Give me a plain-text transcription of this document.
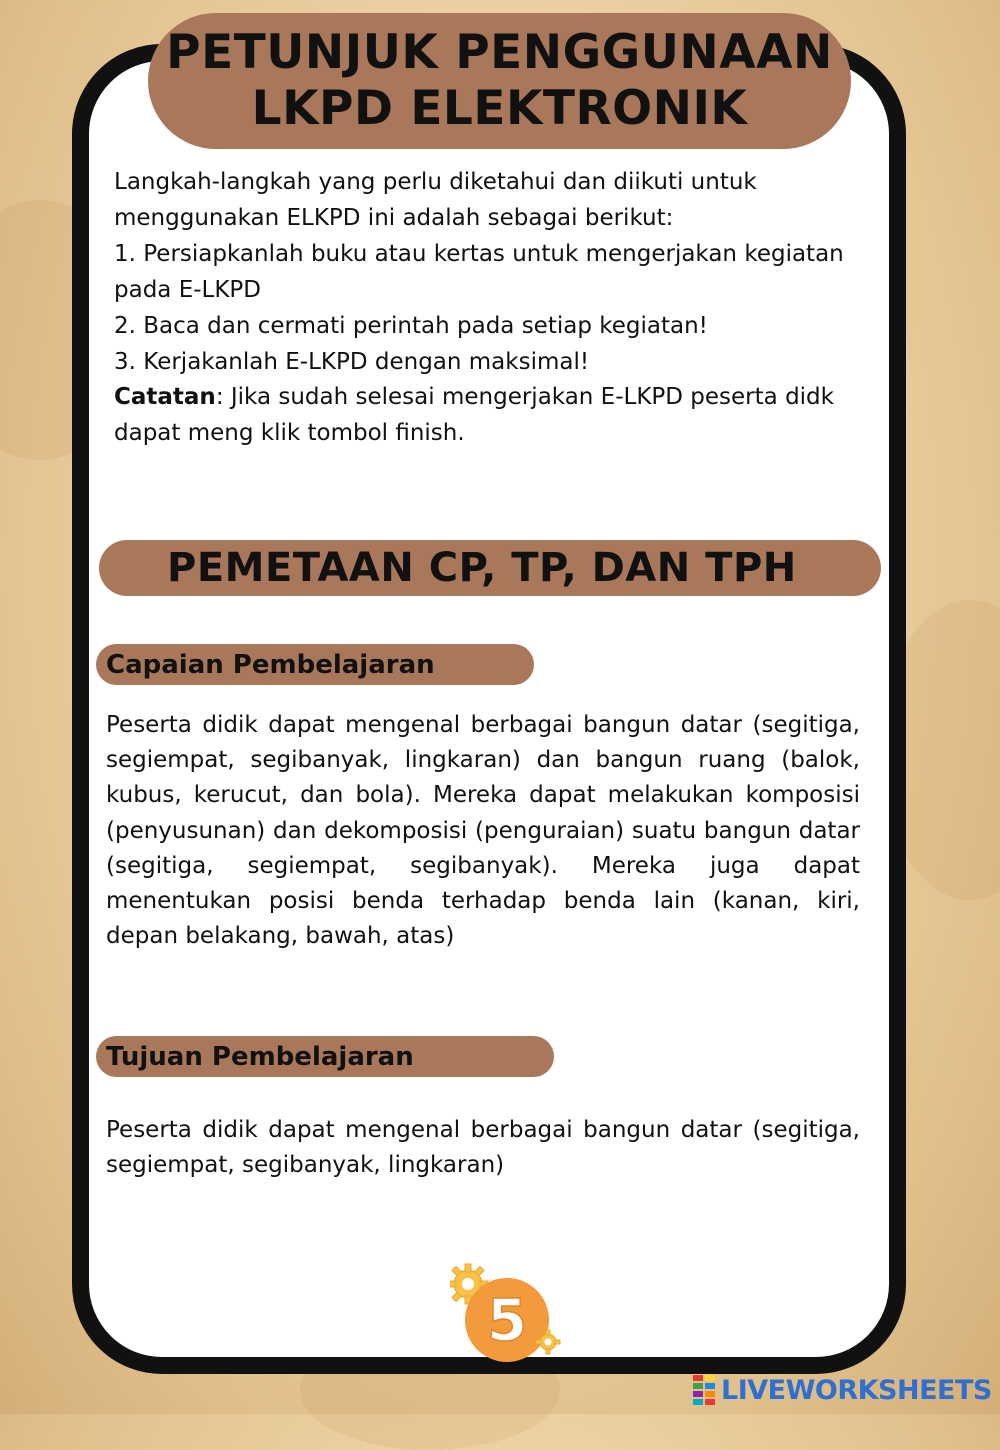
PETUNJUK PENGGUNAAN
LKPD ELEKTRONIK

Langkah-langkah yang perlu diketahui dan diikuti untuk menggunakan ELKPD ini adalah sebagai berikut:

1. Persiapkanlah buku atau kertas untuk mengerjakan kegiatan pada E-LKPD

2. Baca dan cermati perintah pada setiap kegiatan!

3. Kerjakanlah E-LKPD dengan maksimal!

Catatan: Jika sudah selesai mengerjakan E-LKPD peserta didk dapat meng klik tombol finish.

PEMETAAN CP, TP, DAN TPH
Capaian Pembelajaran

Peserta didik dapat mengenal berbagai bangun datar (segitiga, segiempat, segibanyak, lingkaran) dan bangun ruang (balok, kubus, kerucut, dan bola). Mereka dapat melakukan komposisi (penyusunan) dan dekomposisi (penguraian) suatu bangun datar (segitiga, segiempat, segibanyak). Mereka juga dapat menentukan posisi benda terhadap benda lain (kanan, kiri, depan belakang, bawah, atas)

Tujuan Pembelajaran

Peserta didik dapat mengenal berbagai bangun datar (segitiga, segiempat, segibanyak, lingkaran)

5
LIVEWORKSHEETS
